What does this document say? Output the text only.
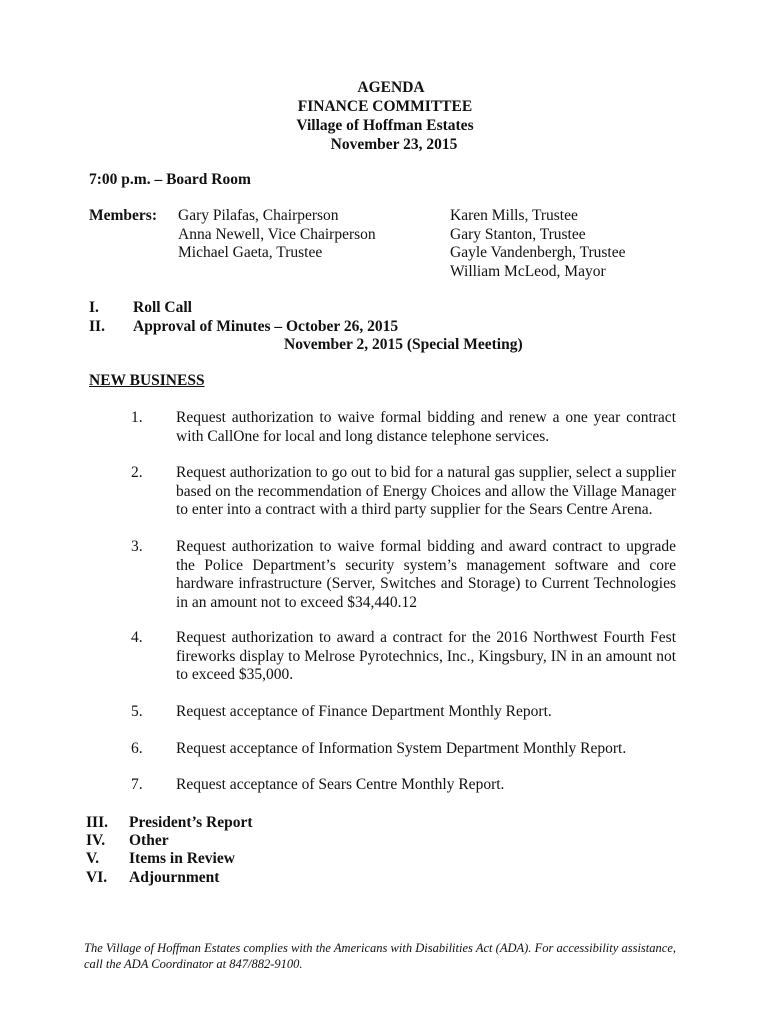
AGENDA
FINANCE COMMITTEE
Village of Hoffman Estates
November 23, 2015
7:00 p.m. – Board Room
Members: Gary Pilafas, Chairperson
Anna Newell, Vice Chairperson
Michael Gaeta, Trustee
Karen Mills, Trustee
Gary Stanton, Trustee
Gayle Vandenbergh, Trustee
William McLeod, Mayor
I. Roll Call
II. Approval of Minutes – October 26, 2015
November 2, 2015 (Special Meeting)
NEW BUSINESS
1. Request authorization to waive formal bidding and renew a one year contract with CallOne for local and long distance telephone services.
2. Request authorization to go out to bid for a natural gas supplier, select a supplier based on the recommendation of Energy Choices and allow the Village Manager to enter into a contract with a third party supplier for the Sears Centre Arena.
3. Request authorization to waive formal bidding and award contract to upgrade the Police Department’s security system’s management software and core hardware infrastructure (Server, Switches and Storage) to Current Technologies in an amount not to exceed $34,440.12
4. Request authorization to award a contract for the 2016 Northwest Fourth Fest fireworks display to Melrose Pyrotechnics, Inc., Kingsbury, IN in an amount not to exceed $35,000.
5. Request acceptance of Finance Department Monthly Report.
6. Request acceptance of Information System Department Monthly Report.
7. Request acceptance of Sears Centre Monthly Report.
III. President’s Report
IV. Other
V. Items in Review
VI. Adjournment
The Village of Hoffman Estates complies with the Americans with Disabilities Act (ADA). For accessibility assistance, call the ADA Coordinator at 847/882-9100.
